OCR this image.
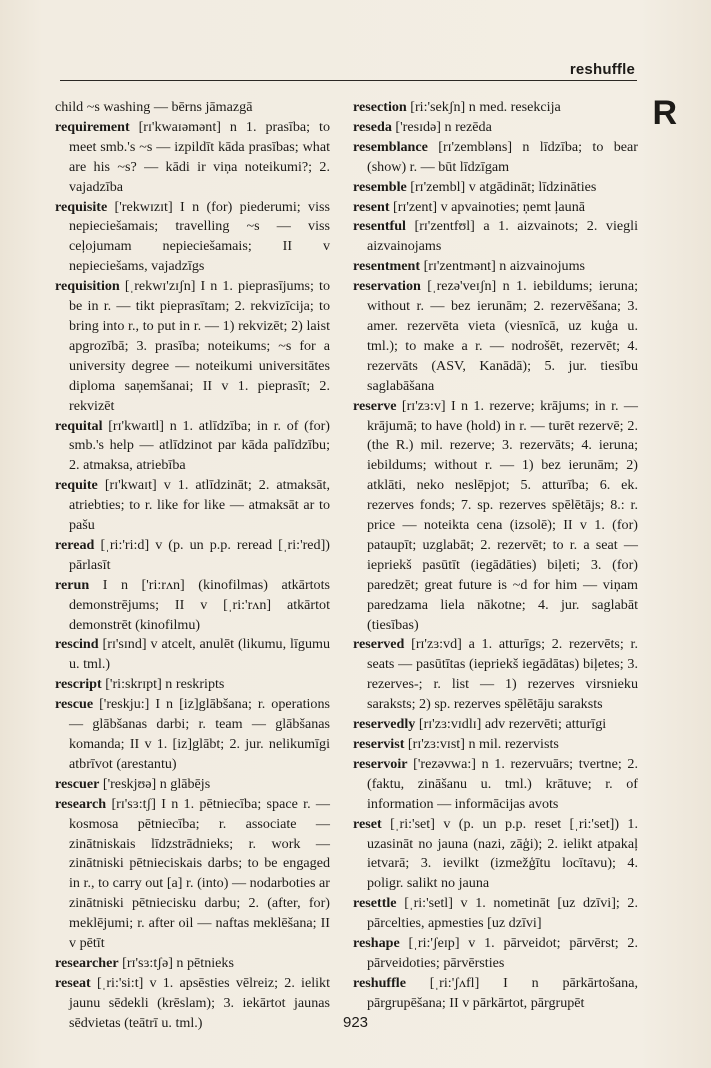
reshuffle
R

child ~s washing — bērns jāmazgā

requirement [rɪ'kwaɪəmənt] n 1. prasība; to meet smb.'s ~s — izpildīt kāda prasības; what are his ~s? — kādi ir viņa noteikumi?; 2. vajadzība

requisite ['rekwɪzɪt] I n (for) piederumi; viss nepieciešamais; travelling ~s — viss ceļojumam nepieciešamais; II v nepieciešams, vajadzīgs

requisition [ˌrekwɪ'zɪʃn] I n 1. pieprasījums; to be in r. — tikt pieprasītam; 2. rekvizīcija; to bring into r., to put in r. — 1) rekvizēt; 2) laist apgrozībā; 3. prasība; noteikums; ~s for a university degree — noteikumi universitātes diploma saņemšanai; II v 1. pieprasīt; 2. rekvizēt

requital [rɪ'kwaɪtl] n 1. atlīdzība; in r. of (for) smb.'s help — atlīdzinot par kāda palīdzību; 2. atmaksa, atriebība

requite [rɪ'kwaɪt] v 1. atlīdzināt; 2. atmaksāt, atriebties; to r. like for like — atmaksāt ar to pašu

reread [ˌri:'ri:d] v (p. un p.p. reread [ˌri:'red]) pārlasīt

rerun I n ['ri:rʌn] (kinofilmas) atkārtots demonstrējums; II v [ˌri:'rʌn] atkārtot demonstrēt (kinofilmu)

rescind [rɪ'sɪnd] v atcelt, anulēt (likumu, līgumu u. tml.)

rescript ['ri:skrɪpt] n reskripts

rescue ['reskju:] I n [iz]glābšana; r. operations — glābšanas darbi; r. team — glābšanas komanda; II v 1. [iz]glābt; 2. jur. nelikumīgi atbrīvot (arestantu)

rescuer ['reskjʊə] n glābējs

research [rɪ'sɜ:tʃ] I n 1. pētniecība; space r. — kosmosa pētniecība; r. associate — zinātniskais līdzstrādnieks; r. work — zinātniski pētnieciskais darbs; to be engaged in r., to carry out [a] r. (into) — nodarboties ar zinātniski pētniecisku darbu; 2. (after, for) meklējumi; r. after oil — naftas meklēšana; II v pētīt

researcher [rɪ'sɜ:tʃə] n pētnieks

reseat [ˌri:'si:t] v 1. apsēsties vēlreiz; 2. ielikt jaunu sēdekli (krēslam); 3. iekārtot jaunas sēdvietas (teātrī u. tml.)

resection [ri:'sekʃn] n med. resekcija

reseda ['resɪdə] n rezēda

resemblance [rɪ'zembləns] n līdzība; to bear (show) r. — būt līdzīgam

resemble [rɪ'zembl] v atgādināt; līdzināties

resent [rɪ'zent] v apvainoties; ņemt ļaunā

resentful [rɪ'zentfʊl] a 1. aizvainots; 2. viegli aizvainojams

resentment [rɪ'zentmənt] n aizvainojums

reservation [ˌrezə'veɪʃn] n 1. iebildums; ieruna; without r. — bez ierunām; 2. rezervēšana; 3. amer. rezervēta vieta (viesnīcā, uz kuģa u. tml.); to make a r. — nodrošēt, rezervēt; 4. rezervāts (ASV, Kanādā); 5. jur. tiesību saglabāšana

reserve [rɪ'zɜ:v] I n 1. rezerve; krājums; in r. — krājumā; to have (hold) in r. — turēt rezervē; 2. (the R.) mil. rezerve; 3. rezervāts; 4. ieruna; iebildums; without r. — 1) bez ierunām; 2) atklāti, neko neslēpjot; 5. atturība; 6. ek. rezerves fonds; 7. sp. rezerves spēlētājs; 8.: r. price — noteikta cena (izsolē); II v 1. (for) pataupīt; uzglabāt; 2. rezervēt; to r. a seat — iepriekš pasūtīt (iegādāties) biļeti; 3. (for) paredzēt; great future is ~d for him — viņam paredzama liela nākotne; 4. jur. saglabāt (tiesības)

reserved [rɪ'zɜ:vd] a 1. atturīgs; 2. rezervēts; r. seats — pasūtītas (iepriekš iegādātas) biļetes; 3. rezerves-; r. list — 1) rezerves virsnieku saraksts; 2) sp. rezerves spēlētāju saraksts

reservedly [rɪ'zɜ:vɪdlɪ] adv rezervēti; atturīgi

reservist [rɪ'zɜ:vɪst] n mil. rezervists

reservoir ['rezəvwa:] n 1. rezervuārs; tvertne; 2. (faktu, zināšanu u. tml.) krātuve; r. of information — informācijas avots

reset [ˌri:'set] v (p. un p.p. reset [ˌri:'set]) 1. uzasināt no jauna (nazi, zāģi); 2. ielikt atpakaļ ietvarā; 3. ievilkt (izmežģītu locītavu); 4. poligr. salikt no jauna

resettle [ˌri:'setl] v 1. nometināt [uz dzīvi]; 2. pārcelties, apmesties [uz dzīvi]

reshape [ˌri:'ʃeɪp] v 1. pārveidot; pārvērst; 2. pārveidoties; pārvērsties

reshuffle [ˌri:'ʃʌfl] I n pārkārtošana, pārgrupēšana; II v pārkārtot, pārgrupēt

923
